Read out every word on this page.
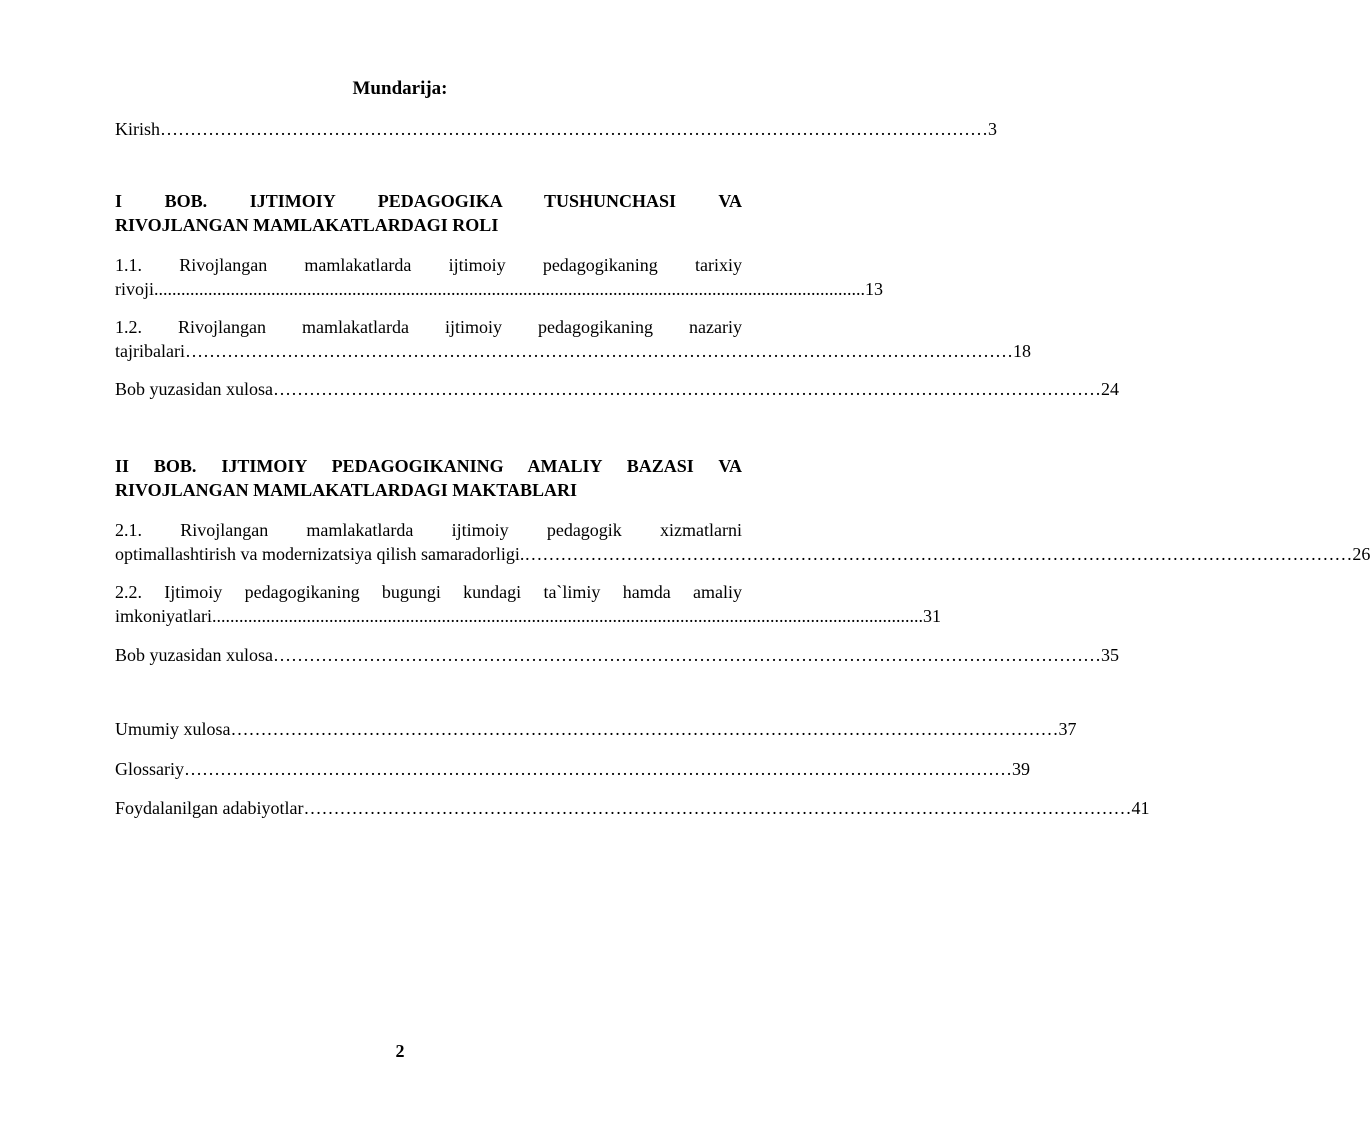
Mundarija:
Kirish ………………………………………………………………………………………………………………………… 3
I BOB. IJTIMOIY PEDAGOGIKA TUSHUNCHASI VA
RIVOJLANGAN MAMLAKATLARDAGI ROLI
1.1. Rivojlangan mamlakatlarda ijtimoiy pedagogikaning tarixiy
rivoji .............................................................................................................................................................. 13
1.2. Rivojlangan mamlakatlarda ijtimoiy pedagogikaning nazariy
tajribalari ………………………………………………………………………………………………………………………… 18
Bob yuzasidan xulosa ………………………………………………………………………………………………………………………… 24
II BOB. IJTIMOIY PEDAGOGIKANING AMALIY BAZASI VA
RIVOJLANGAN MAMLAKATLARDAGI MAKTABLARI
2.1. Rivojlangan mamlakatlarda ijtimoiy pedagogik xizmatlarni
optimallashtirish va modernizatsiya qilish samaradorligi. ………………………………………………………………………………………………………………………… 26
2.2. Ijtimoiy pedagogikaning bugungi kundagi ta`limiy hamda amaliy
imkoniyatlari .............................................................................................................................................................. 31
Bob yuzasidan xulosa ………………………………………………………………………………………………………………………… 35
Umumiy xulosa ………………………………………………………………………………………………………………………… 37
Glossariy ………………………………………………………………………………………………………………………… 39
Foydalanilgan adabiyotlar ………………………………………………………………………………………………………………………… 41
2
